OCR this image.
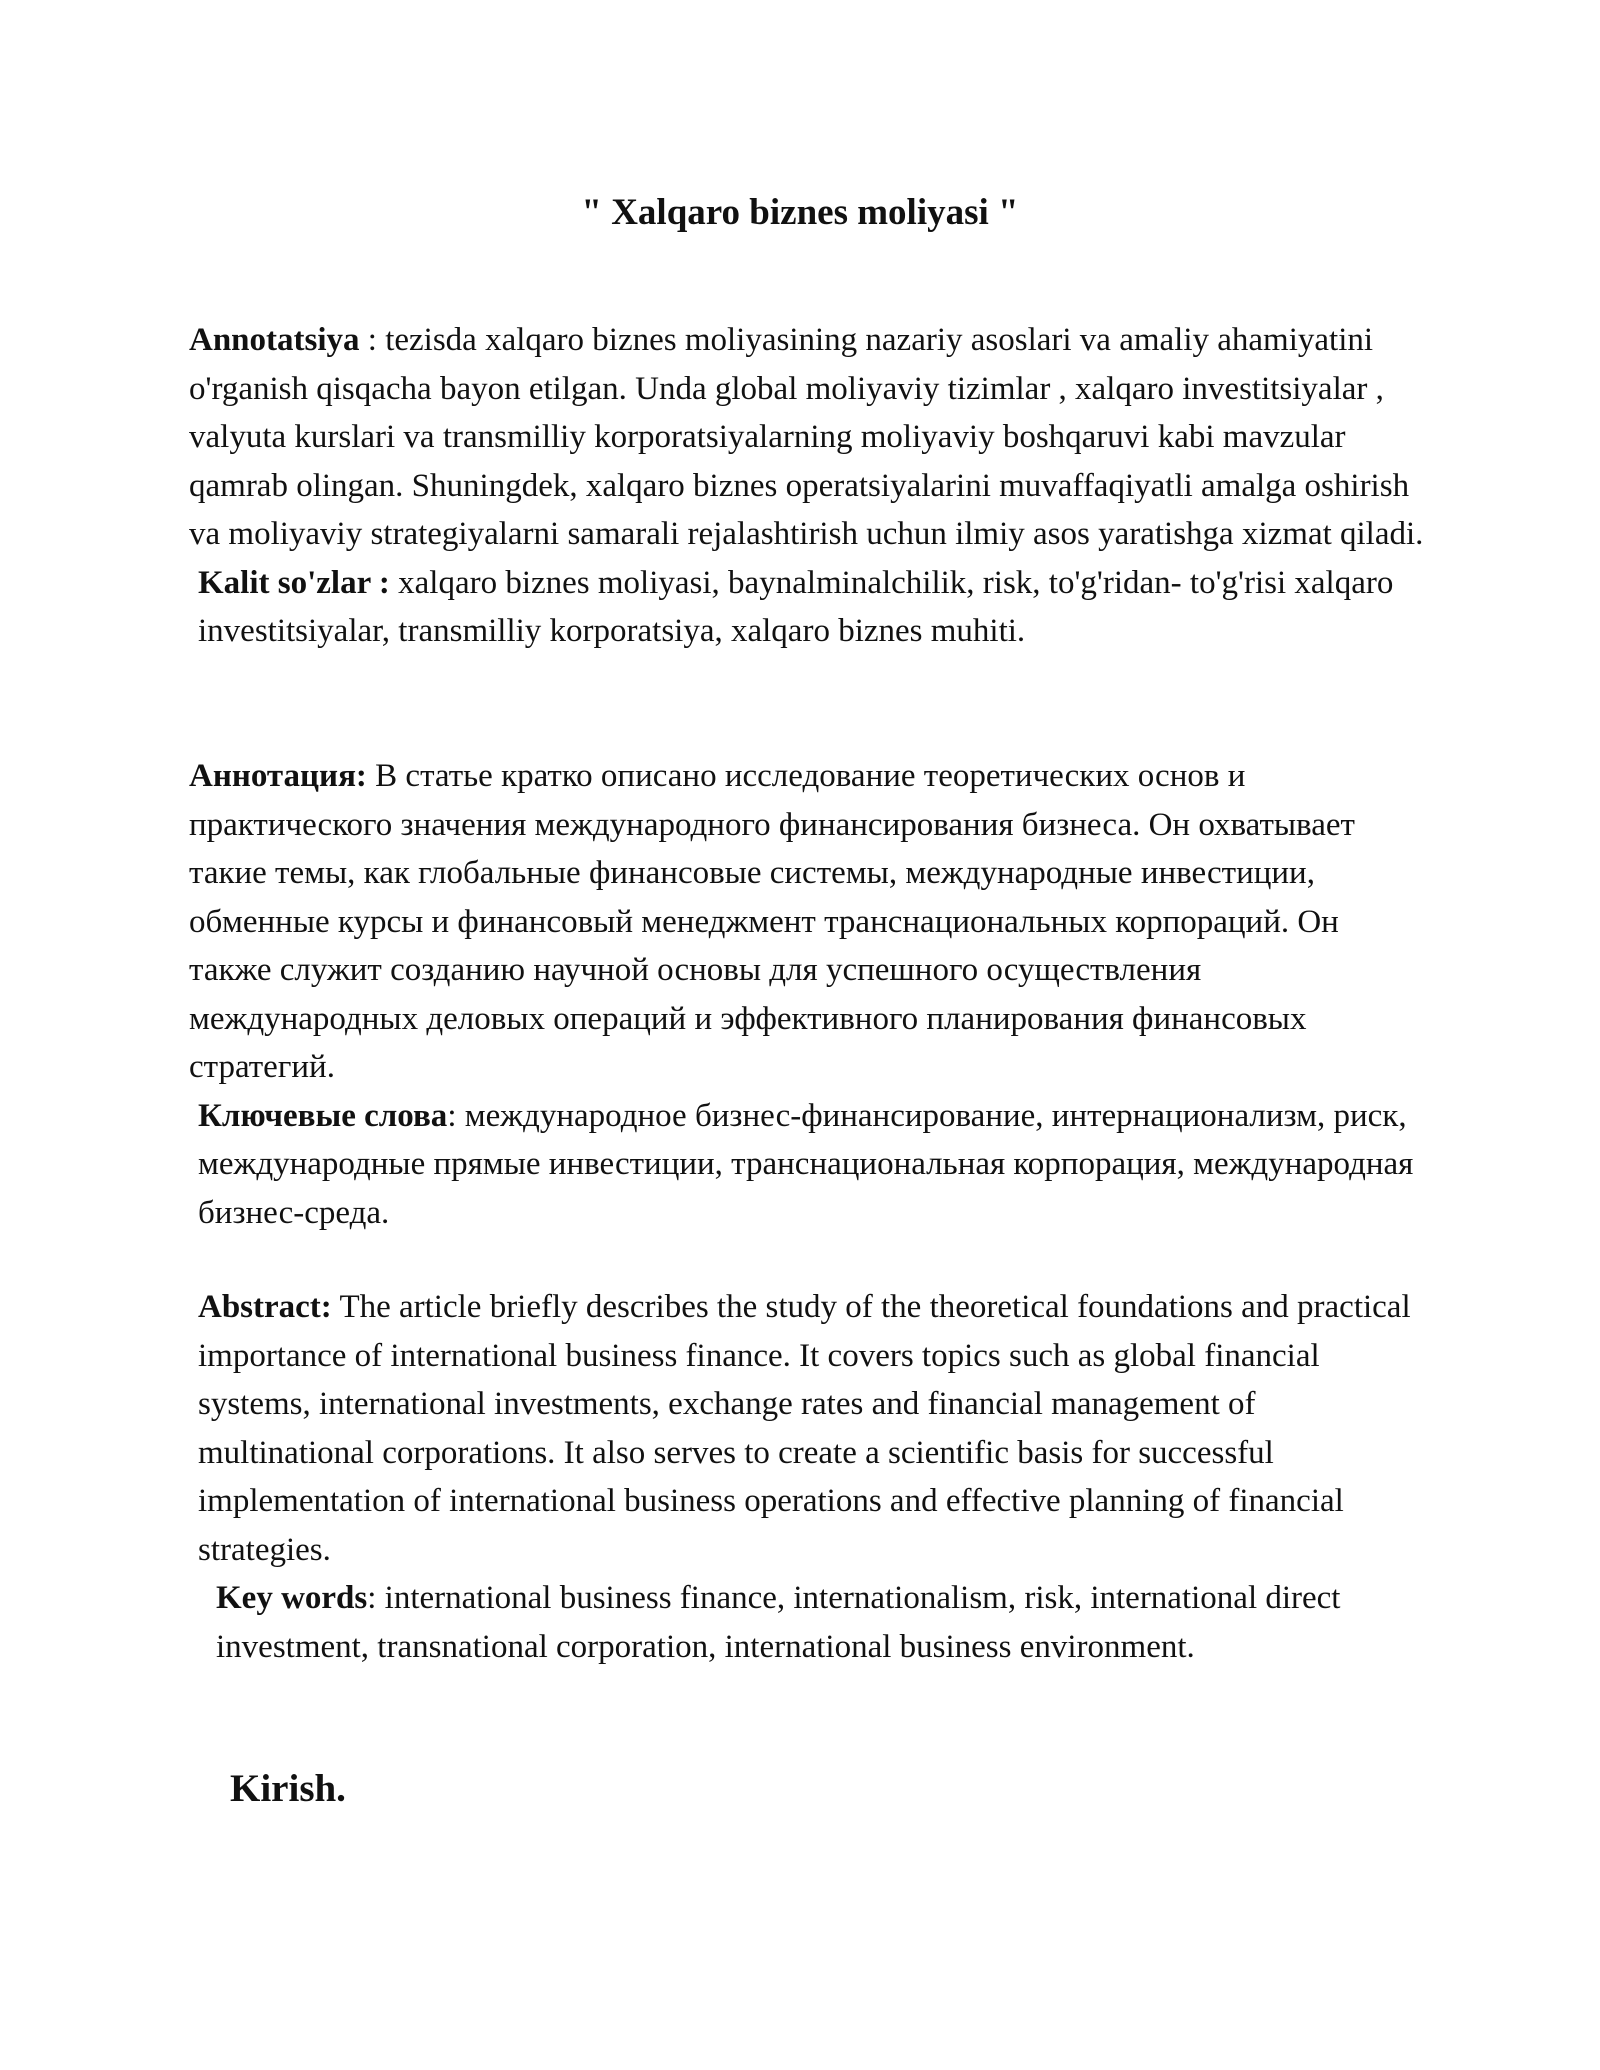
" Xalqaro biznes moliyasi "

Annotatsiya : tezisda xalqaro biznes moliyasining nazariy asoslari va amaliy ahamiyatini o'rganish qisqacha bayon etilgan. Unda global moliyaviy tizimlar , xalqaro investitsiyalar , valyuta kurslari va transmilliy korporatsiyalarning moliyaviy boshqaruvi kabi mavzular qamrab olingan. Shuningdek, xalqaro biznes operatsiyalarini muvaffaqiyatli amalga oshirish va moliyaviy strategiyalarni samarali rejalashtirish uchun ilmiy asos yaratishga xizmat qiladi.

Kalit so'zlar : xalqaro biznes moliyasi, baynalminalchilik, risk, to'g'ridan- to'g'risi xalqaro investitsiyalar, transmilliy korporatsiya, xalqaro biznes muhiti.

Аннотация: В статье кратко описано исследование теоретических основ и практического значения международного финансирования бизнеса. Он охватывает такие темы, как глобальные финансовые системы, международные инвестиции, обменные курсы и финансовый менеджмент транснациональных корпораций. Он также служит созданию научной основы для успешного осуществления международных деловых операций и эффективного планирования финансовых стратегий.

Ключевые слова: международное бизнес-финансирование, интернационализм, риск, международные прямые инвестиции, транснациональная корпорация, международная бизнес-среда.

Abstract: The article briefly describes the study of the theoretical foundations and practical importance of international business finance. It covers topics such as global financial systems, international investments, exchange rates and financial management of multinational corporations. It also serves to create a scientific basis for successful implementation of international business operations and effective planning of financial strategies.

Key words: international business finance, internationalism, risk, international direct investment, transnational corporation, international business environment.

Kirish.
